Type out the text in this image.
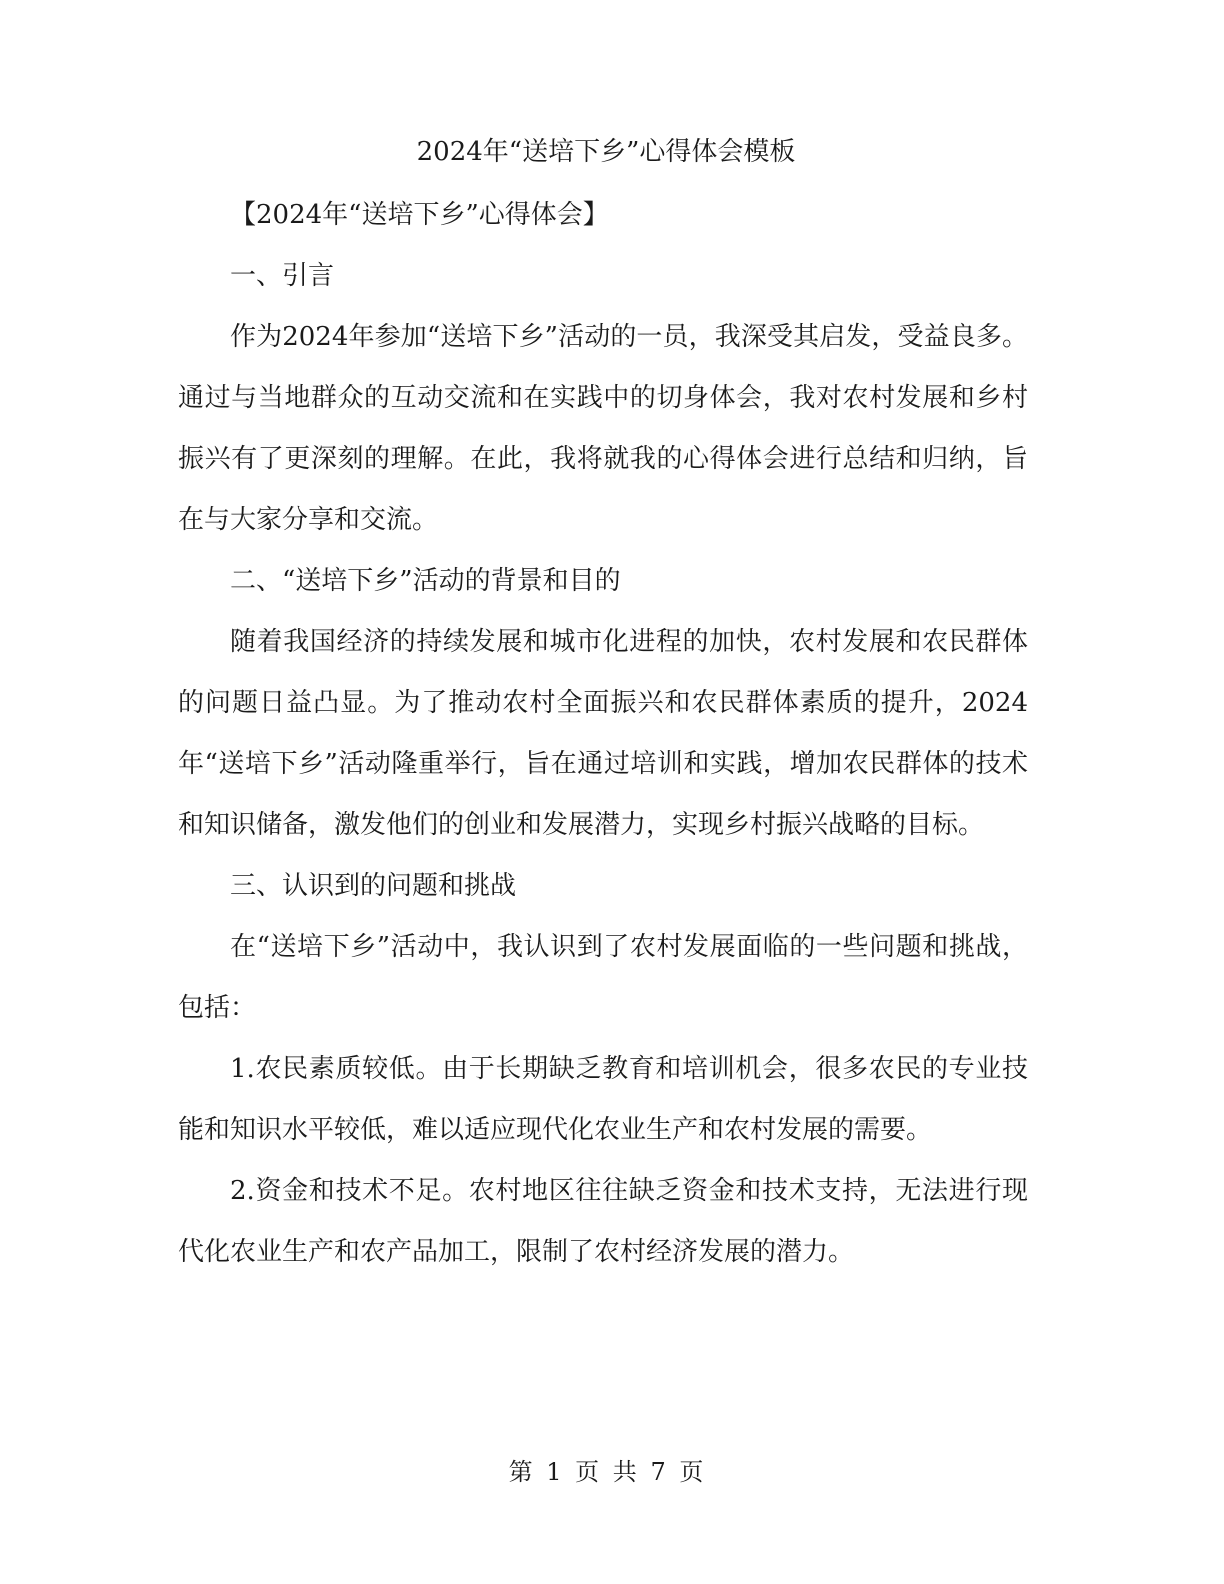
2024年“送培下乡”心得体会模板

【2024年“送培下乡”心得体会】

一、引言

作为2024年参加“送培下乡”活动的一员，我深受其启发，受益良多。通过与当地群众的互动交流和在实践中的切身体会，我对农村发展和乡村振兴有了更深刻的理解。在此，我将就我的心得体会进行总结和归纳，旨在与大家分享和交流。

二、“送培下乡”活动的背景和目的

随着我国经济的持续发展和城市化进程的加快，农村发展和农民群体的问题日益凸显。为了推动农村全面振兴和农民群体素质的提升，2024年“送培下乡”活动隆重举行，旨在通过培训和实践，增加农民群体的技术和知识储备，激发他们的创业和发展潜力，实现乡村振兴战略的目标。

三、认识到的问题和挑战

在“送培下乡”活动中，我认识到了农村发展面临的一些问题和挑战，包括：

1.农民素质较低。由于长期缺乏教育和培训机会，很多农民的专业技能和知识水平较低，难以适应现代化农业生产和农村发展的需要。

2.资金和技术不足。农村地区往往缺乏资金和技术支持，无法进行现代化农业生产和农产品加工，限制了农村经济发展的潜力。

第 1 页 共 7 页
